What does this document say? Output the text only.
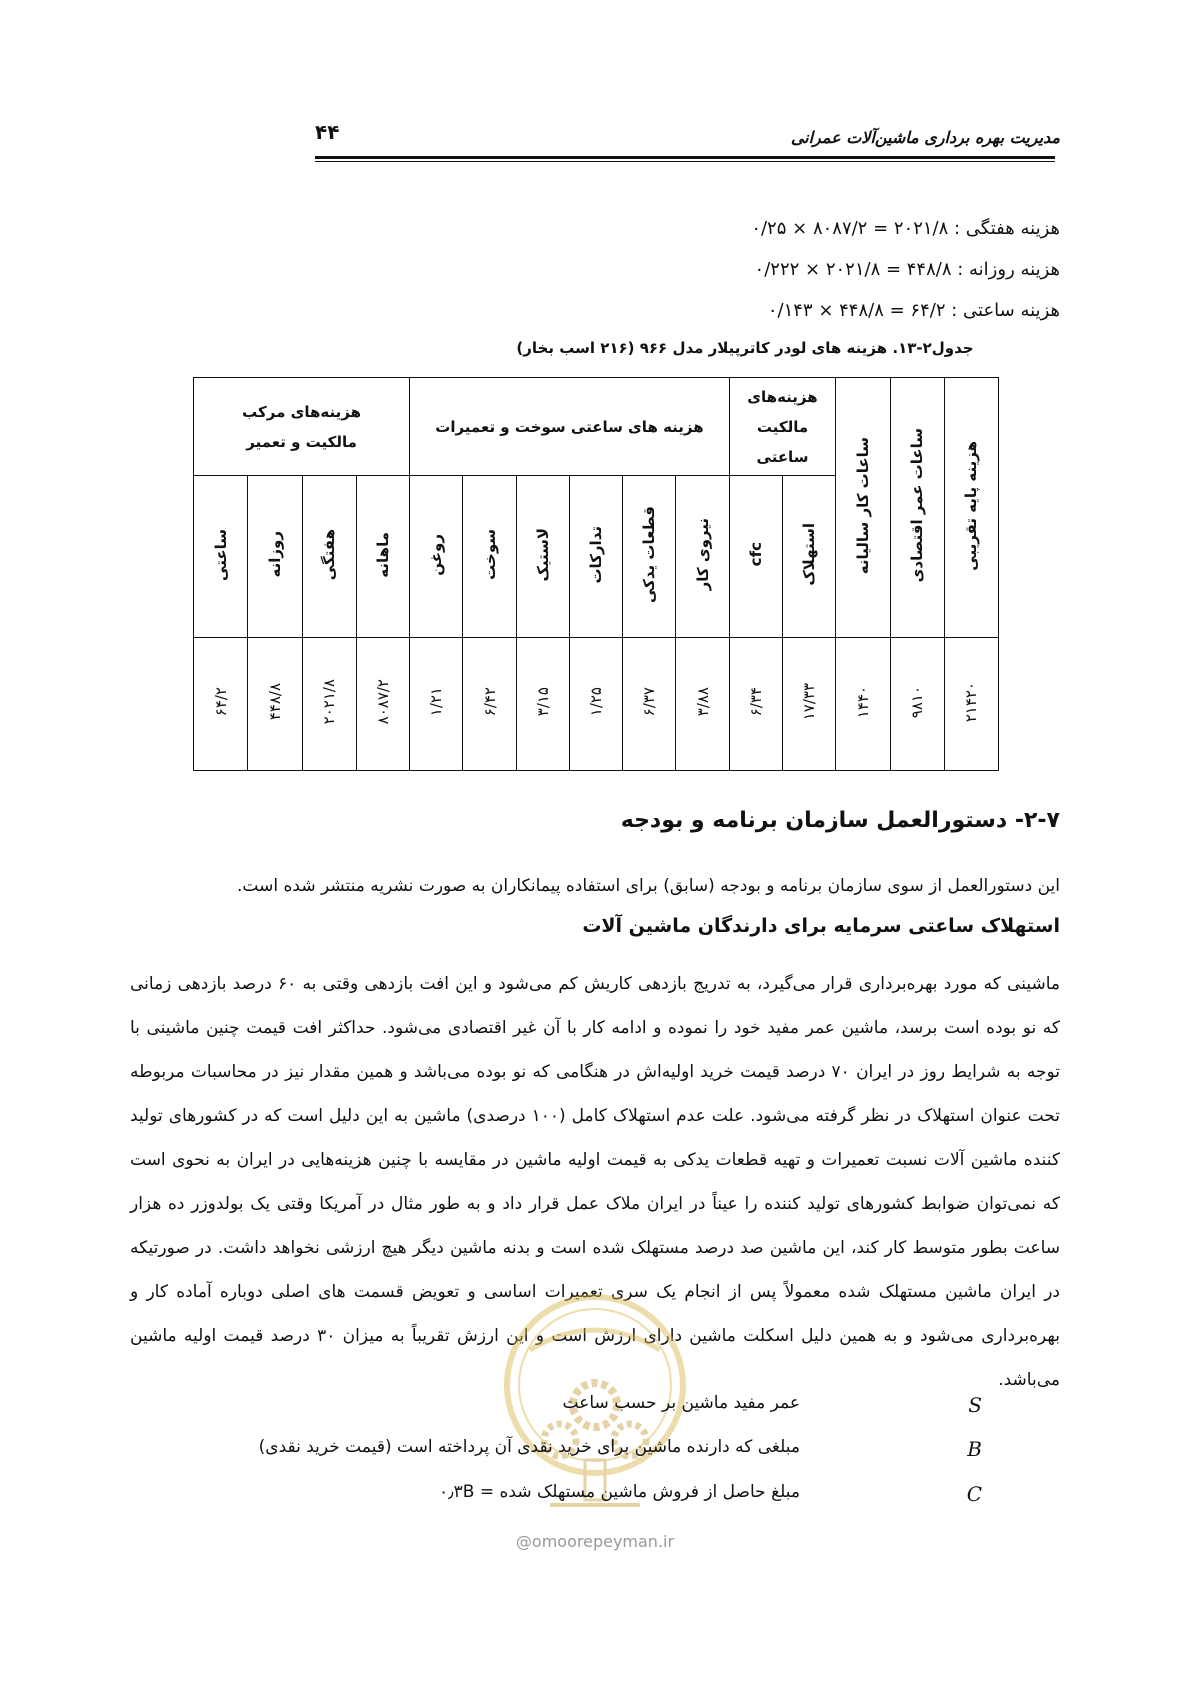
۴۴	مدیریت بهره برداری ماشین‌آلات عمرانی
هزینه هفتگی : ۲۰۲۱/۸ = ۸۰۸۷/۲ × ۰/۲۵
هزینه روزانه : ۴۴۸/۸ = ۲۰۲۱/۸ × ۰/۲۲۲
هزینه ساعتی : ۶۴/۲ = ۴۴۸/۸ × ۰/۱۴۳
جدول۲-۱۳. هزینه های لودر کاترپیلار مدل ۹۶۶ (۲۱۶ اسب بخار)
هزینه پایه تقریبی	ساعات عمر اقتصادی	ساعات کار سالیانه	هزینه‌های مالکیت ساعتی		هزینه های ساعتی سوخت و تعمیرات						هزینه‌های مرکب مالکیت و تعمیر			
			استهلاک	cfc	نیروی کار	قطعات یدکی	تدارکات	لاستیک	سوخت	روغن	ماهانه	هفتگی	روزانه	ساعتی
۲۱۴۲۰	۹۸۱۰	۱۴۴۰	۱۷/۳۳	۶/۳۴	۳/۸۸	۶/۳۷	۱/۲۵	۳/۱۵	۶/۴۲	۱/۲۱	۸۰۸۷/۲	۲۰۲۱/۸	۴۴۸/۸	۶۴/۲
۲-۷- دستورالعمل سازمان برنامه و بودجه
این دستورالعمل از سوی سازمان برنامه و بودجه (سابق) برای استفاده پیمانکاران به صورت نشریه منتشر شده است.
استهلاک ساعتی سرمایه برای دارندگان ماشین آلات
ماشینی که مورد بهره‌برداری قرار می‌گیرد، به تدریج بازدهی کاریش کم می‌شود و این افت بازدهی وقتی به ۶۰ درصد بازدهی زمانی که نو بوده است برسد، ماشین عمر مفید خود را نموده و ادامه کار با آن غیر اقتصادی می‌شود. حداکثر افت قیمت چنین ماشینی با توجه به شرایط روز در ایران ۷۰ درصد قیمت خرید اولیه‌اش در هنگامی که نو بوده می‌باشد و همین مقدار نیز در محاسبات مربوطه تحت عنوان استهلاک در نظر گرفته می‌شود. علت عدم استهلاک کامل (۱۰۰ درصدی) ماشین به این دلیل است که در کشورهای تولید کننده ماشین آلات نسبت تعمیرات و تهیه قطعات یدکی به قیمت اولیه ماشین در مقایسه با چنین هزینه‌هایی در ایران به نحوی است که نمی‌توان ضوابط کشورهای تولید کننده را عیناً در ایران ملاک عمل قرار داد و به طور مثال در آمریکا وقتی یک بولدوزر ده هزار ساعت بطور متوسط کار کند، این ماشین صد درصد مستهلک شده است و بدنه ماشین دیگر هیچ ارزشی نخواهد داشت. در صورتیکه در ایران ماشین مستهلک شده معمولاً پس از انجام یک سری تعمیرات اساسی و تعویض قسمت های اصلی دوباره آماده کار و بهره‌برداری می‌شود و به همین دلیل اسکلت ماشین دارای ارزش است و این ارزش تقریباً به میزان ۳۰ درصد قیمت اولیه ماشین می‌باشد.
@omoorepeyman.ir
S
عمر مفید ماشین بر حسب ساعت
B
مبلغی که دارنده ماشین برای خرید نقدی آن پرداخته است (قیمت خرید نقدی)
C
مبلغ حاصل از فروش ماشین مستهلک شده = ۰٫۳B
